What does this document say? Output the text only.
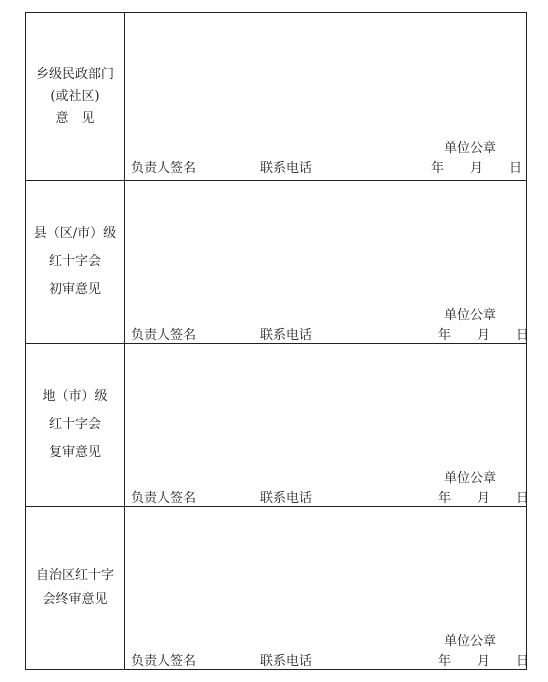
乡级民政部门
(或社区)
意　见
负责人签名	联系电话
单位公章
年　　月　　日
县（区/市）级
红十字会
初审意见
负责人签名	联系电话
单位公章
年　　月　　日
地（市）级
红十字会
复审意见
负责人签名	联系电话
单位公章
年　　月　　日
自治区红十字
会终审意见
负责人签名	联系电话
单位公章
年　　月　　日
